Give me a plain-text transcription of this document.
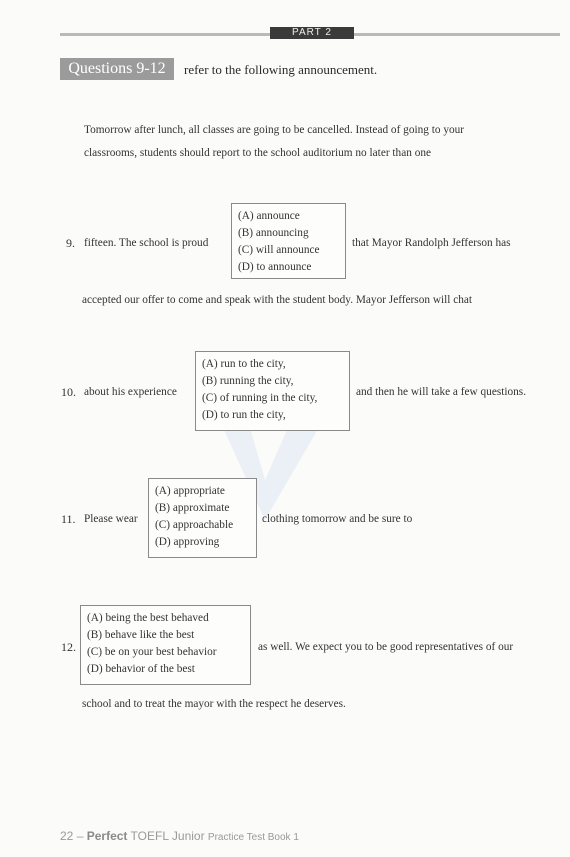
PART 2
Questions 9-12	refer to the following announcement.
Tomorrow after lunch, all classes are going to be cancelled. Instead of going to your
classrooms, students should report to the school auditorium no later than one
9. fifteen. The school is proud
(A) announce
(B) announcing
(C) will announce
(D) to announce
that Mayor Randolph Jefferson has
accepted our offer to come and speak with the student body. Mayor Jefferson will chat
10. about his experience
(A) run to the city,
(B) running the city,
(C) of running in the city,
(D) to run the city,
and then he will take a few questions.
11. Please wear
(A) appropriate
(B) approximate
(C) approachable
(D) approving
clothing tomorrow and be sure to
12.
(A) being the best behaved
(B) behave like the best
(C) be on your best behavior
(D) behavior of the best
as well. We expect you to be good representatives of our
school and to treat the mayor with the respect he deserves.
22 – Perfect TOEFL Junior Practice Test Book 1
